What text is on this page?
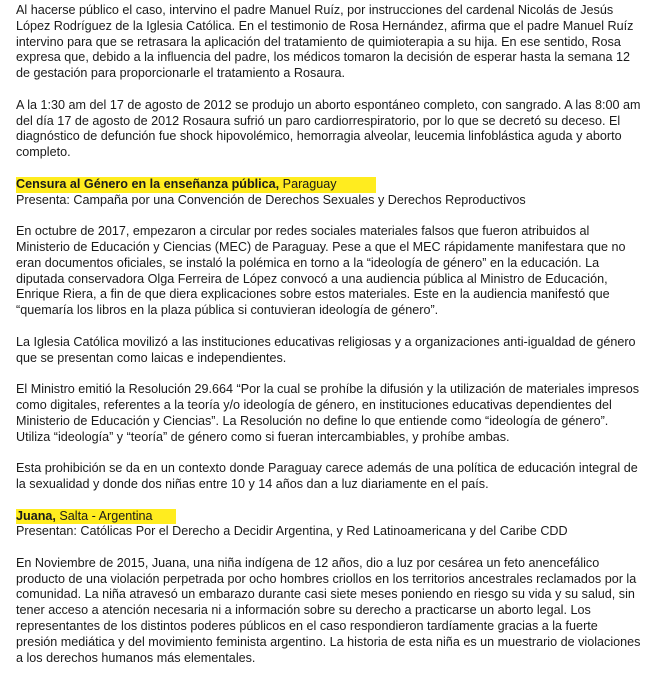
Al hacerse público el caso, intervino el padre Manuel Ruíz, por instrucciones del cardenal Nicolás de Jesús López Rodríguez de la Iglesia Católica. En el testimonio de Rosa Hernández, afirma que el padre Manuel Ruíz intervino para que se retrasara la aplicación del tratamiento de quimioterapia a su hija. En ese sentido, Rosa expresa que, debido a la influencia del padre, los médicos tomaron la decisión de esperar hasta la semana 12 de gestación para proporcionarle el tratamiento a Rosaura.

A la 1:30 am del 17 de agosto de 2012 se produjo un aborto espontáneo completo, con sangrado. A las 8:00 am del día 17 de agosto de 2012 Rosaura sufrió un paro cardiorrespiratorio, por lo que se decretó su deceso. El diagnóstico de defunción fue shock hipovolémico, hemorragia alveolar, leucemia linfoblástica aguda y aborto completo.

Censura al Género en la enseñanza pública, Paraguay

Presenta: Campaña por una Convención de Derechos Sexuales y Derechos Reproductivos

En octubre de 2017, empezaron a circular por redes sociales materiales falsos que fueron atribuidos al Ministerio de Educación y Ciencias (MEC) de Paraguay. Pese a que el MEC rápidamente manifestara que no eran documentos oficiales, se instaló la polémica en torno a la “ideología de género” en la educación. La diputada conservadora Olga Ferreira de López convocó a una audiencia pública al Ministro de Educación, Enrique Riera, a fin de que diera explicaciones sobre estos materiales. Este en la audiencia manifestó que “quemaría los libros en la plaza pública si contuvieran ideología de género”.

La Iglesia Católica movilizó a las instituciones educativas religiosas y a organizaciones anti-igualdad de género que se presentan como laicas e independientes.

El Ministro emitió la Resolución 29.664 “Por la cual se prohíbe la difusión y la utilización de materiales impresos como digitales, referentes a la teoría y/o ideología de género, en instituciones educativas dependientes del Ministerio de Educación y Ciencias”. La Resolución no define lo que entiende como “ideología de género”. Utiliza “ideología” y “teoría” de género como si fueran intercambiables, y prohíbe ambas.

Esta prohibición se da en un contexto donde Paraguay carece además de una política de educación integral de la sexualidad y donde dos niñas entre 10 y 14 años dan a luz diariamente en el país.

Juana, Salta - Argentina

Presentan: Católicas Por el Derecho a Decidir Argentina, y Red Latinoamericana y del Caribe CDD

En Noviembre de 2015, Juana, una niña indígena de 12 años, dio a luz por cesárea un feto anencefálico producto de una violación perpetrada por ocho hombres criollos en los territorios ancestrales reclamados por la comunidad. La niña atravesó un embarazo durante casi siete meses poniendo en riesgo su vida y su salud, sin tener acceso a atención necesaria ni a información sobre su derecho a practicarse un aborto legal. Los representantes de los distintos poderes públicos en el caso respondieron tardíamente gracias a la fuerte presión mediática y del movimiento feminista argentino. La historia de esta niña es un muestrario de violaciones a los derechos humanos más elementales.
